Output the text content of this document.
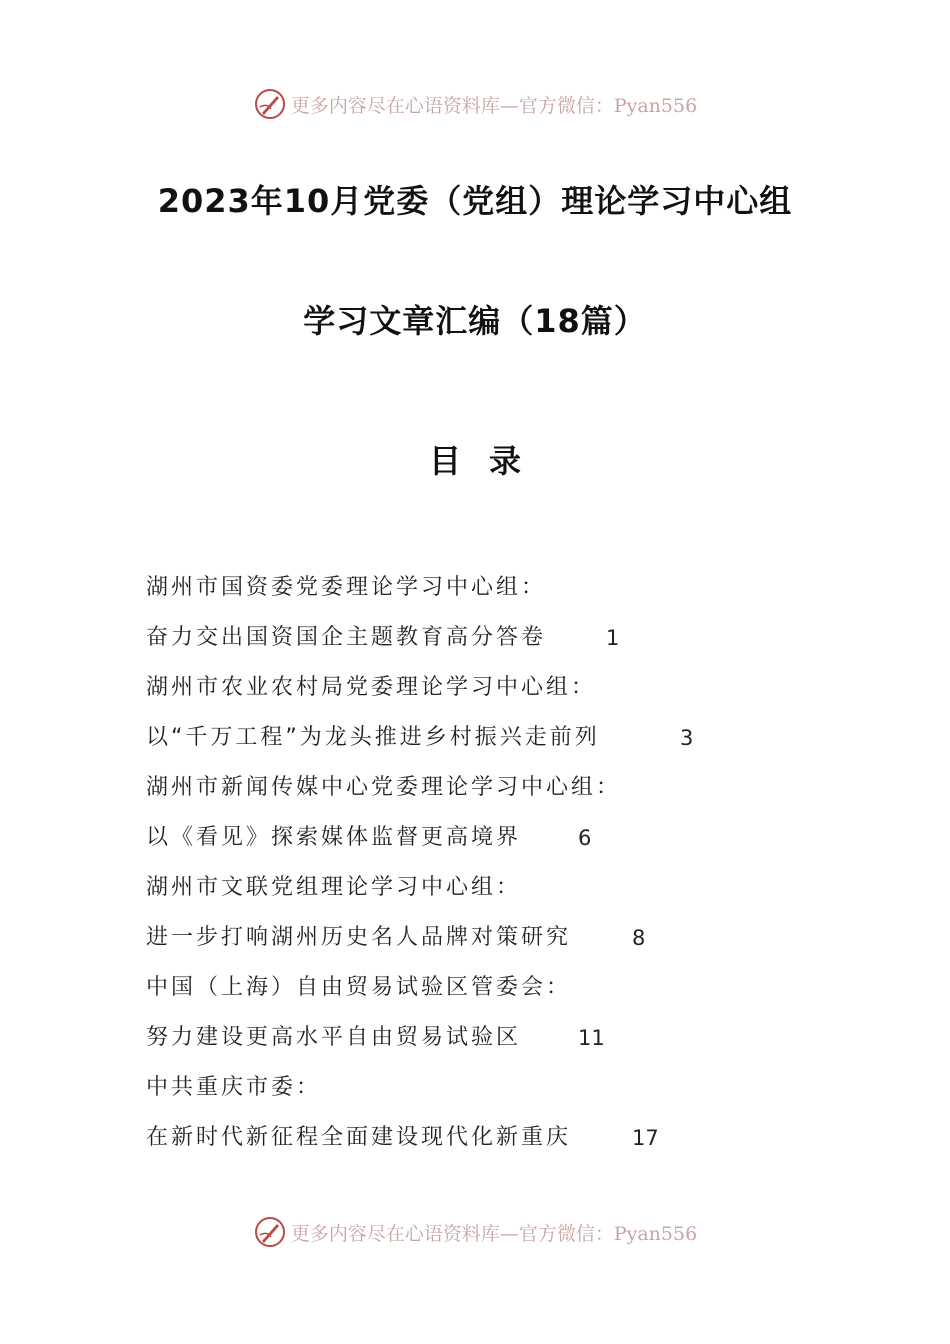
更多内容尽在心语资料库—官方微信：Pyan556
2023年10月党委（党组）理论学习中心组
学习文章汇编（18篇）
目录
湖州市国资委党委理论学习中心组：
奋力交出国资国企主题教育高分答卷	1
湖州市农业农村局党委理论学习中心组：
以“千万工程”为龙头推进乡村振兴走前列	3
湖州市新闻传媒中心党委理论学习中心组：
以《看见》探索媒体监督更高境界	6
湖州市文联党组理论学习中心组：
进一步打响湖州历史名人品牌对策研究	8
中国（上海）自由贸易试验区管委会：
努力建设更高水平自由贸易试验区	11
中共重庆市委：
在新时代新征程全面建设现代化新重庆	17
更多内容尽在心语资料库—官方微信：Pyan556
